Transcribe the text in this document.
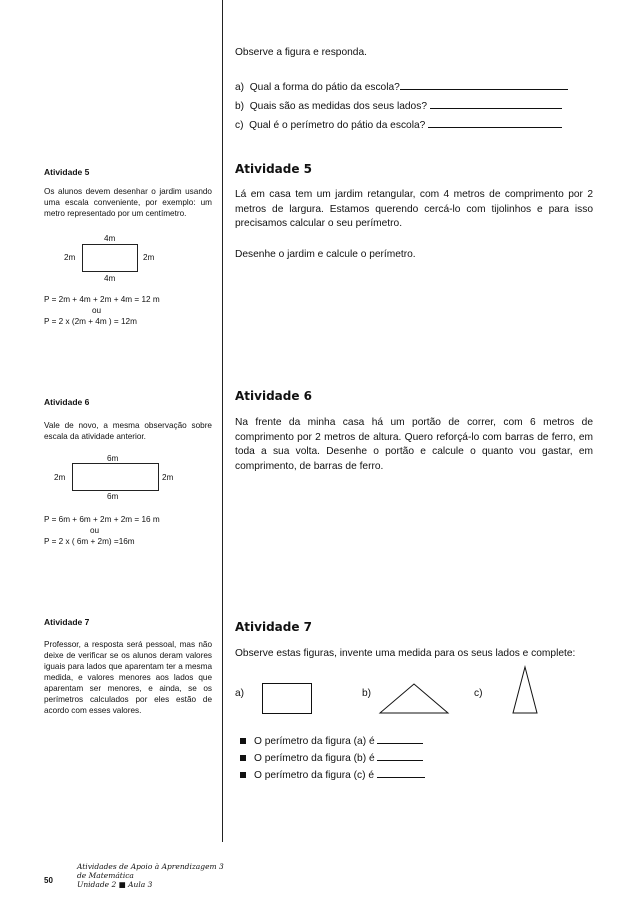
Observe a figura e responda.
a) Qual a forma do pátio da escola?
b) Quais são as medidas dos seus lados?
c) Qual é o perímetro do pátio da escola?
Atividade 5
Lá em casa tem um jardim retangular, com 4 metros de comprimento por 2 metros de largura. Estamos querendo cercá-lo com tijolinhos e para isso precisamos calcular o seu perímetro.
Desenhe o jardim e calcule o perímetro.
Atividade 6
Na frente da minha casa há um portão de correr, com 6 metros de comprimento por 2 metros de altura. Quero reforçá-lo com barras de ferro, em toda a sua volta. Desenhe o portão e calcule o quanto vou gastar, em comprimento, de barras de ferro.
Atividade 7
Observe estas figuras, invente uma medida para os seus lados e complete:
a)	b)	c)
O perímetro da figura (a) é
O perímetro da figura (b) é
O perímetro da figura (c) é
Atividade 5
Os alunos devem desenhar o jardim usando uma escala conveniente, por exemplo: um metro representado por um centímetro.
4m
2m	2m
4m
P = 2m + 4m + 2m + 4m = 12 m
ou
P = 2 x (2m + 4m ) = 12m
Atividade 6
Vale de novo, a mesma observação sobre escala da atividade anterior.
6m
2m	2m
6m
P = 6m + 6m + 2m + 2m = 16 m
ou
P = 2 x ( 6m + 2m) =16m
Atividade 7
Professor, a resposta será pessoal, mas não deixe de verificar se os alunos deram valores iguais para lados que aparentam ter a mesma medida, e valores menores aos lados que aparentam ser menores, e ainda, se os perímetros calculados por eles estão de acordo com esses valores.
50
Atividades de Apoio à Aprendizagem 3
de Matemática
Unidade 2 ■ Aula 3
